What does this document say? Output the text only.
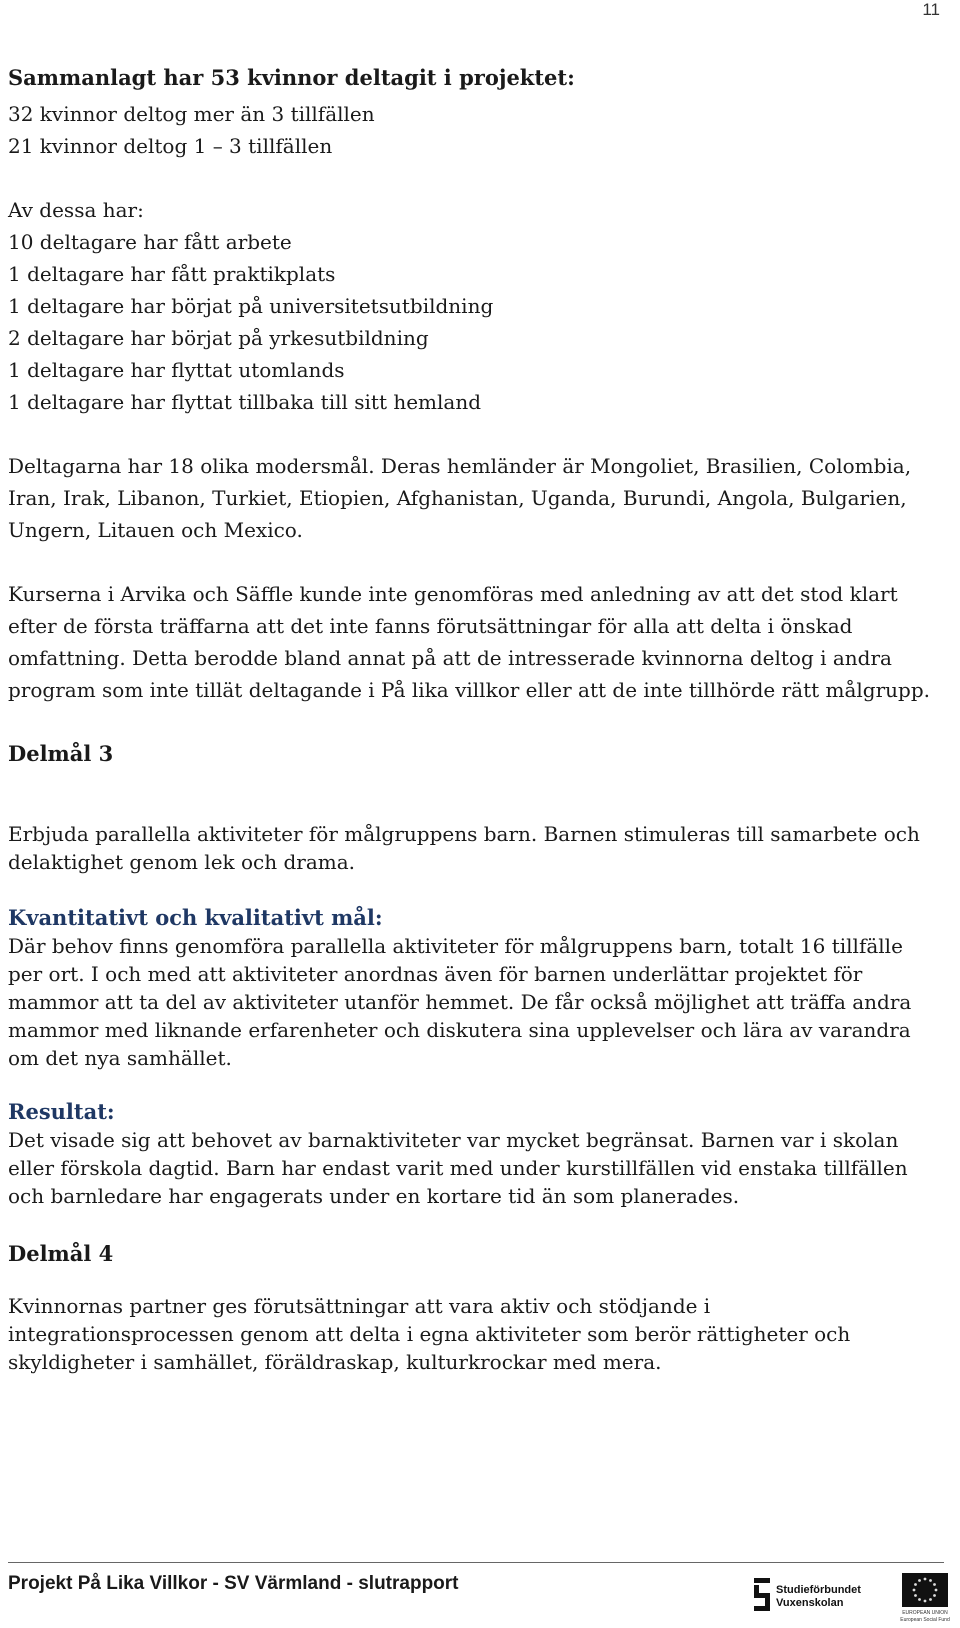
11
Sammanlagt har 53 kvinnor deltagit i projektet:
32 kvinnor deltog mer än 3 tillfällen
21 kvinnor deltog 1 – 3 tillfällen
Av dessa har:
10 deltagare har fått arbete
1 deltagare har fått praktikplats
1 deltagare har börjat på universitetsutbildning
2 deltagare har börjat på yrkesutbildning
1 deltagare har flyttat utomlands
1 deltagare har flyttat tillbaka till sitt hemland
Deltagarna har 18 olika modersmål. Deras hemländer är Mongoliet, Brasilien, Colombia, Iran, Irak, Libanon, Turkiet, Etiopien, Afghanistan, Uganda, Burundi, Angola, Bulgarien, Ungern, Litauen och Mexico.
Kurserna i Arvika och Säffle kunde inte genomföras med anledning av att det stod klart efter de första träffarna att det inte fanns förutsättningar för alla att delta i önskad omfattning. Detta berodde bland annat på att de intresserade kvinnorna deltog i andra program som inte tillät deltagande i På lika villkor eller att de inte tillhörde rätt målgrupp.
Delmål 3
Erbjuda parallella aktiviteter för målgruppens barn. Barnen stimuleras till samarbete och delaktighet genom lek och drama.
Kvantitativt och kvalitativt mål:
Där behov finns genomföra parallella aktiviteter för målgruppens barn, totalt 16 tillfälle per ort. I och med att aktiviteter anordnas även för barnen underlättar projektet för mammor att ta del av aktiviteter utanför hemmet. De får också möjlighet att träffa andra mammor med liknande erfarenheter och diskutera sina upplevelser och lära av varandra om det nya samhället.
Resultat:
Det visade sig att behovet av barnaktiviteter var mycket begränsat. Barnen var i skolan eller förskola dagtid. Barn har endast varit med under kurstillfällen vid enstaka tillfällen och barnledare har engagerats under en kortare tid än som planerades.
Delmål 4
Kvinnornas partner ges förutsättningar att vara aktiv och stödjande i integrationsprocessen genom att delta i egna aktiviteter som berör rättigheter och skyldigheter i samhället, föräldraskap, kulturkrockar med mera.
Projekt På Lika Villkor - SV Värmland - slutrapport	Studieförbundet
Vuxenskolan
EUROPEAN UNION
European Social Fund
